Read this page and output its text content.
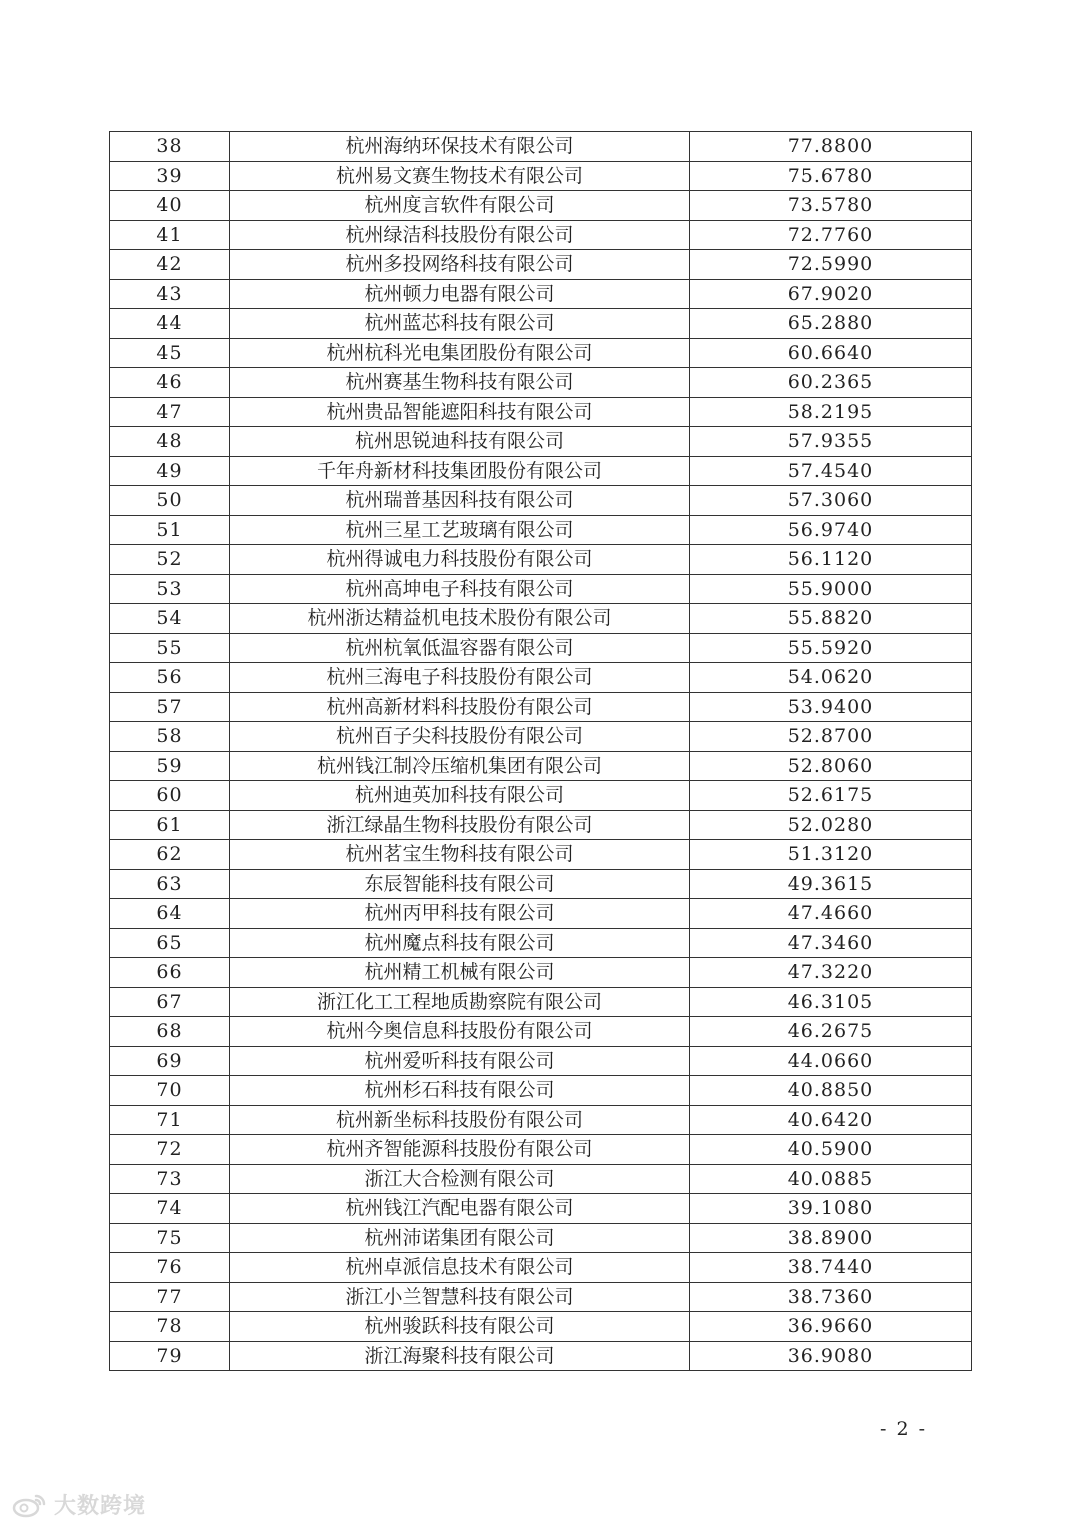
38	杭州海纳环保技术有限公司	77.8800
39	杭州易文赛生物技术有限公司	75.6780
40	杭州度言软件有限公司	73.5780
41	杭州绿洁科技股份有限公司	72.7760
42	杭州多投网络科技有限公司	72.5990
43	杭州顿力电器有限公司	67.9020
44	杭州蓝芯科技有限公司	65.2880
45	杭州杭科光电集团股份有限公司	60.6640
46	杭州赛基生物科技有限公司	60.2365
47	杭州贵品智能遮阳科技有限公司	58.2195
48	杭州思锐迪科技有限公司	57.9355
49	千年舟新材科技集团股份有限公司	57.4540
50	杭州瑞普基因科技有限公司	57.3060
51	杭州三星工艺玻璃有限公司	56.9740
52	杭州得诚电力科技股份有限公司	56.1120
53	杭州高坤电子科技有限公司	55.9000
54	杭州浙达精益机电技术股份有限公司	55.8820
55	杭州杭氧低温容器有限公司	55.5920
56	杭州三海电子科技股份有限公司	54.0620
57	杭州高新材料科技股份有限公司	53.9400
58	杭州百子尖科技股份有限公司	52.8700
59	杭州钱江制冷压缩机集团有限公司	52.8060
60	杭州迪英加科技有限公司	52.6175
61	浙江绿晶生物科技股份有限公司	52.0280
62	杭州茗宝生物科技有限公司	51.3120
63	东辰智能科技有限公司	49.3615
64	杭州丙甲科技有限公司	47.4660
65	杭州魔点科技有限公司	47.3460
66	杭州精工机械有限公司	47.3220
67	浙江化工工程地质勘察院有限公司	46.3105
68	杭州今奥信息科技股份有限公司	46.2675
69	杭州爱听科技有限公司	44.0660
70	杭州杉石科技有限公司	40.8850
71	杭州新坐标科技股份有限公司	40.6420
72	杭州齐智能源科技股份有限公司	40.5900
73	浙江大合检测有限公司	40.0885
74	杭州钱江汽配电器有限公司	39.1080
75	杭州沛诺集团有限公司	38.8900
76	杭州卓派信息技术有限公司	38.7440
77	浙江小兰智慧科技有限公司	38.7360
78	杭州骏跃科技有限公司	36.9660
79	浙江海聚科技有限公司	36.9080
- 2 -
大数跨境
